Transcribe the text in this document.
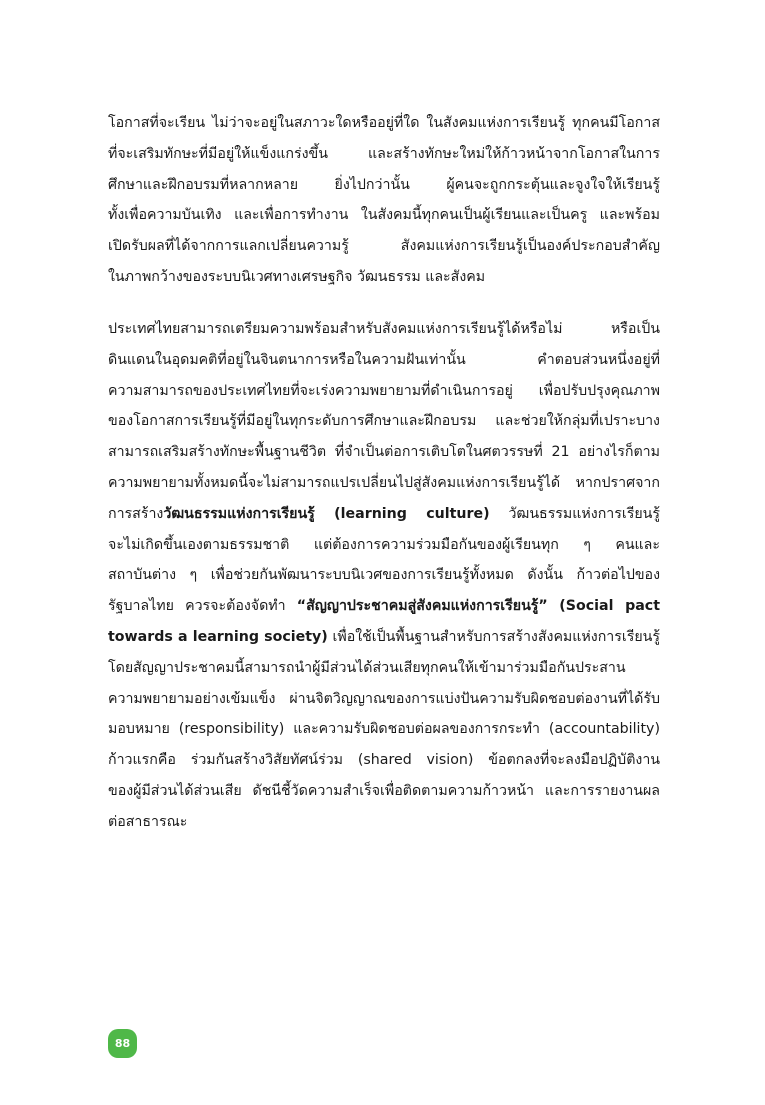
โอกาสที่จะเรียน ไม่ว่าจะอยู่ในสภาวะใดหรืออยู่ที่ใด ในสังคมแห่งการเรียนรู้ ทุกคนมีโอกาส
ที่จะเสริมทักษะที่มีอยู่ให้แข็งแกร่งขึ้น และสร้างทักษะใหม่ให้ก้าวหน้าจากโอกาสในการ
ศึกษาและฝึกอบรมที่หลากหลาย ยิ่งไปกว่านั้น ผู้คนจะถูกกระตุ้นและจูงใจให้เรียนรู้
ทั้งเพื่อความบันเทิง และเพื่อการทำงาน ในสังคมนี้ทุกคนเป็นผู้เรียนและเป็นครู และพร้อม
เปิดรับผลที่ได้จากการแลกเปลี่ยนความรู้ สังคมแห่งการเรียนรู้เป็นองค์ประกอบสำคัญ
ในภาพกว้างของระบบนิเวศทางเศรษฐกิจ วัฒนธรรม และสังคม
ประเทศไทยสามารถเตรียมความพร้อมสำหรับสังคมแห่งการเรียนรู้ได้หรือไม่ หรือเป็น
ดินแดนในอุดมคติที่อยู่ในจินตนาการหรือในความฝันเท่านั้น คำตอบส่วนหนึ่งอยู่ที่
ความสามารถของประเทศไทยที่จะเร่งความพยายามที่ดำเนินการอยู่ เพื่อปรับปรุงคุณภาพ
ของโอกาสการเรียนรู้ที่มีอยู่ในทุกระดับการศึกษาและฝึกอบรม และช่วยให้กลุ่มที่เปราะบาง
สามารถเสริมสร้างทักษะพื้นฐานชีวิต ที่จำเป็นต่อการเติบโตในศตวรรษที่ 21 อย่างไรก็ตาม
ความพยายามทั้งหมดนี้จะไม่สามารถแปรเปลี่ยนไปสู่สังคมแห่งการเรียนรู้ได้ หากปราศจาก
การสร้างวัฒนธรรมแห่งการเรียนรู้ (learning culture) วัฒนธรรมแห่งการเรียนรู้
จะไม่เกิดขึ้นเองตามธรรมชาติ แต่ต้องการความร่วมมือกันของผู้เรียนทุก ๆ คนและ
สถาบันต่าง ๆ เพื่อช่วยกันพัฒนาระบบนิเวศของการเรียนรู้ทั้งหมด ดังนั้น ก้าวต่อไปของ
รัฐบาลไทย ควรจะต้องจัดทำ “สัญญาประชาคมสู่สังคมแห่งการเรียนรู้” (Social pact
towards a learning society) เพื่อใช้เป็นพื้นฐานสำหรับการสร้างสังคมแห่งการเรียนรู้
โดยสัญญาประชาคมนี้สามารถนำผู้มีส่วนได้ส่วนเสียทุกคนให้เข้ามาร่วมมือกันประสาน
ความพยายามอย่างเข้มแข็ง ผ่านจิตวิญญาณของการแบ่งปันความรับผิดชอบต่องานที่ได้รับ
มอบหมาย (responsibility) และความรับผิดชอบต่อผลของการกระทำ (accountability)
ก้าวแรกคือ ร่วมกันสร้างวิสัยทัศน์ร่วม (shared vision) ข้อตกลงที่จะลงมือปฏิบัติงาน
ของผู้มีส่วนได้ส่วนเสีย ดัชนีชี้วัดความสำเร็จเพื่อติดตามความก้าวหน้า และการรายงานผล
ต่อสาธารณะ
88
